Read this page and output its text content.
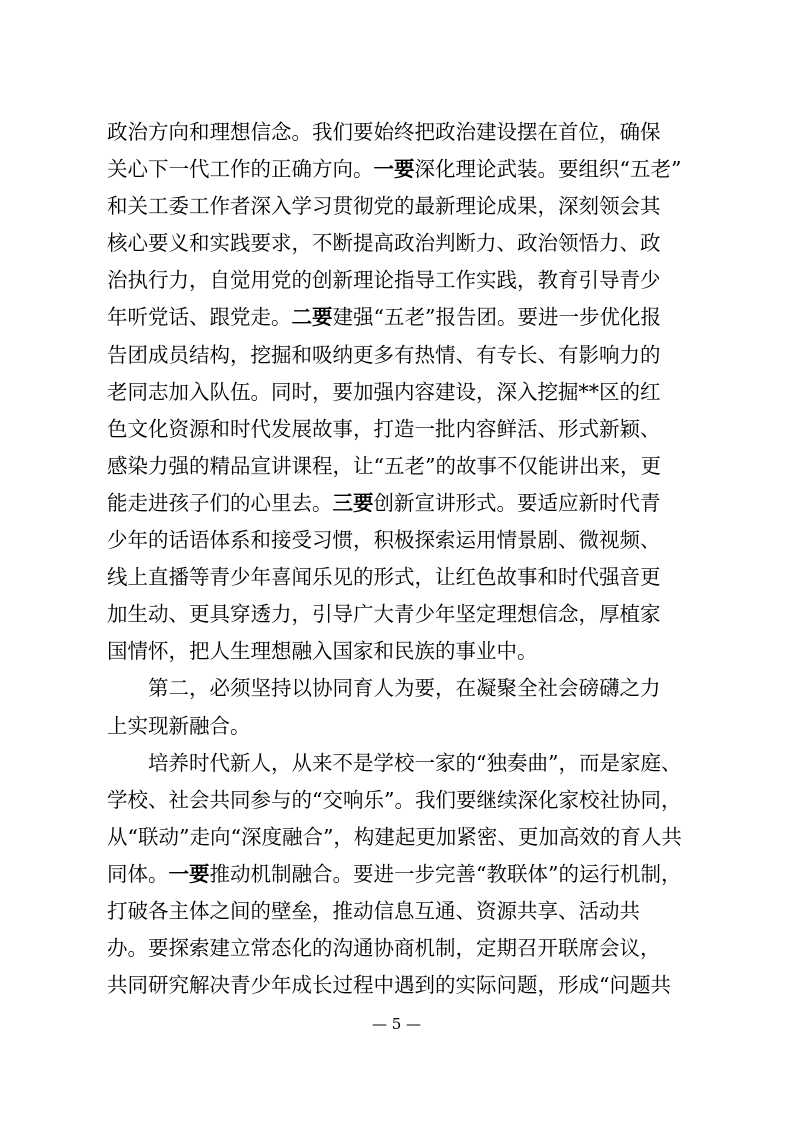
政治方向和理想信念。我们要始终把政治建设摆在首位，确保
关心下一代工作的正确方向。一要深化理论武装。要组织“五老”
和关工委工作者深入学习贯彻党的最新理论成果，深刻领会其
核心要义和实践要求，不断提高政治判断力、政治领悟力、政
治执行力，自觉用党的创新理论指导工作实践，教育引导青少
年听党话、跟党走。二要建强“五老”报告团。要进一步优化报
告团成员结构，挖掘和吸纳更多有热情、有专长、有影响力的
老同志加入队伍。同时，要加强内容建设，深入挖掘**区的红
色文化资源和时代发展故事，打造一批内容鲜活、形式新颖、
感染力强的精品宣讲课程，让“五老”的故事不仅能讲出来，更
能走进孩子们的心里去。三要创新宣讲形式。要适应新时代青
少年的话语体系和接受习惯，积极探索运用情景剧、微视频、
线上直播等青少年喜闻乐见的形式，让红色故事和时代强音更
加生动、更具穿透力，引导广大青少年坚定理想信念，厚植家
国情怀，把人生理想融入国家和民族的事业中。
第二，必须坚持以协同育人为要，在凝聚全社会磅礴之力
上实现新融合。
培养时代新人，从来不是学校一家的“独奏曲”，而是家庭、
学校、社会共同参与的“交响乐”。我们要继续深化家校社协同，
从“联动”走向“深度融合”，构建起更加紧密、更加高效的育人共
同体。一要推动机制融合。要进一步完善“教联体”的运行机制，
打破各主体之间的壁垒，推动信息互通、资源共享、活动共
办。要探索建立常态化的沟通协商机制，定期召开联席会议，
共同研究解决青少年成长过程中遇到的实际问题，形成“问题共
— 5 —
